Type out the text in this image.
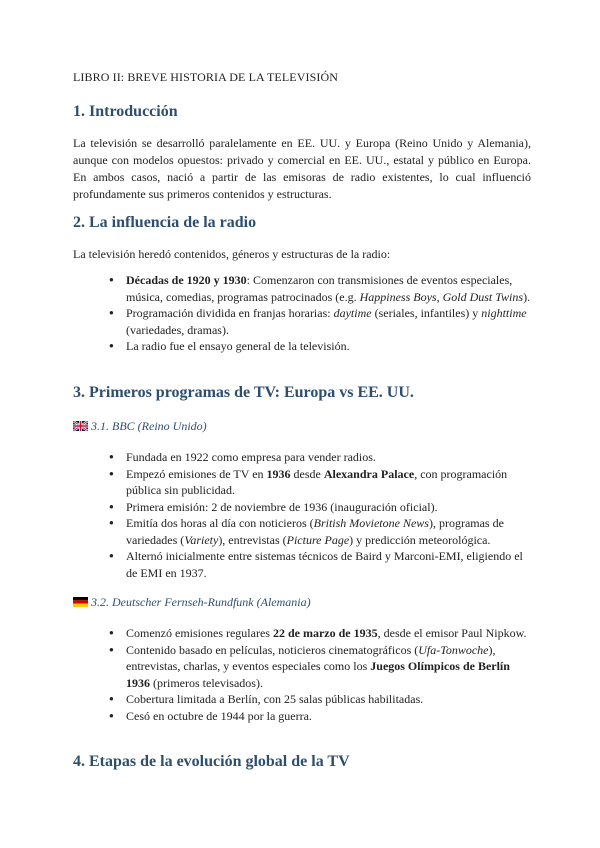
LIBRO II: BREVE HISTORIA DE LA TELEVISIÓN
1. Introducción

La televisión se desarrolló paralelamente en EE. UU. y Europa (Reino Unido y Alemania), aunque con modelos opuestos: privado y comercial en EE. UU., estatal y público en Europa. En ambos casos, nació a partir de las emisoras de radio existentes, lo cual influenció profundamente sus primeros contenidos y estructuras.

2. La influencia de la radio

La televisión heredó contenidos, géneros y estructuras de la radio:

● Décadas de 1920 y 1930: Comenzaron con transmisiones de eventos especiales, música, comedias, programas patrocinados (e.g. Happiness Boys, Gold Dust Twins).
● Programación dividida en franjas horarias: daytime (seriales, infantiles) y nighttime (variedades, dramas).
● La radio fue el ensayo general de la televisión.
3. Primeros programas de TV: Europa vs EE. UU.
3.1. BBC (Reino Unido)
● Fundada en 1922 como empresa para vender radios.
● Empezó emisiones de TV en 1936 desde Alexandra Palace, con programación pública sin publicidad.
● Primera emisión: 2 de noviembre de 1936 (inauguración oficial).
● Emitía dos horas al día con noticieros (British Movietone News), programas de variedades (Variety), entrevistas (Picture Page) y predicción meteorológica.
● Alternó inicialmente entre sistemas técnicos de Baird y Marconi-EMI, eligiendo el de EMI en 1937.
3.2. Deutscher Fernseh-Rundfunk (Alemania)
● Comenzó emisiones regulares 22 de marzo de 1935, desde el emisor Paul Nipkow.
● Contenido basado en películas, noticieros cinematográficos (Ufa-Tonwoche), entrevistas, charlas, y eventos especiales como los Juegos Olímpicos de Berlín 1936 (primeros televisados).
● Cobertura limitada a Berlín, con 25 salas públicas habilitadas.
● Cesó en octubre de 1944 por la guerra.
4. Etapas de la evolución global de la TV
